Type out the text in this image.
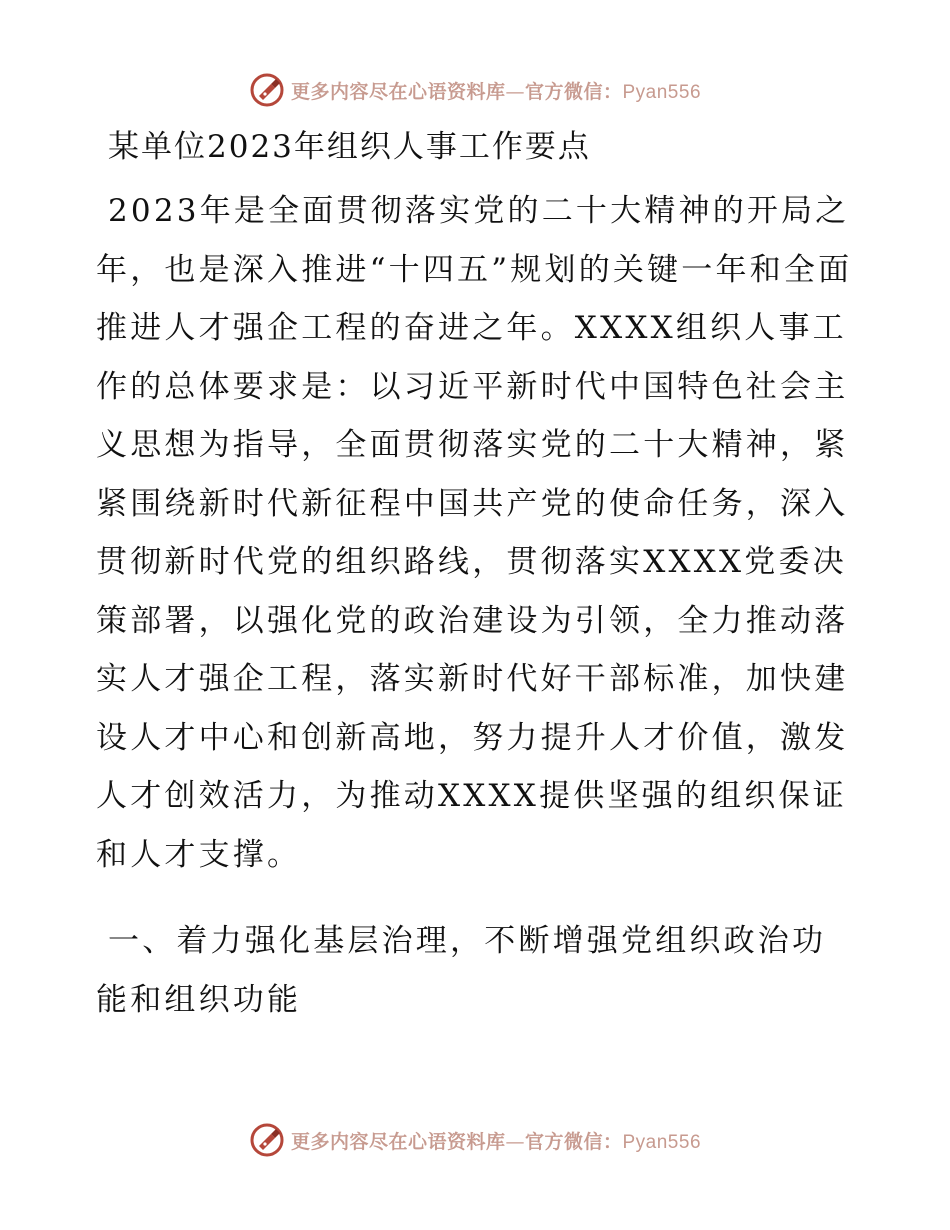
更多内容尽在心语资料库—官方微信：Pyan556
某单位2023年组织人事工作要点

2023年是全面贯彻落实党的二十大精神的开局之年，也是深入推进“十四五”规划的关键一年和全面推进人才强企工程的奋进之年。XXXX组织人事工作的总体要求是：以习近平新时代中国特色社会主义思想为指导，全面贯彻落实党的二十大精神，紧紧围绕新时代新征程中国共产党的使命任务，深入贯彻新时代党的组织路线，贯彻落实XXXX党委决策部署，以强化党的政治建设为引领，全力推动落实人才强企工程，落实新时代好干部标准，加快建设人才中心和创新高地，努力提升人才价值，激发人才创效活力，为推动XXXX提供坚强的组织保证和人才支撑。

一、着力强化基层治理，不断增强党组织政治功能和组织功能

更多内容尽在心语资料库—官方微信：Pyan556
